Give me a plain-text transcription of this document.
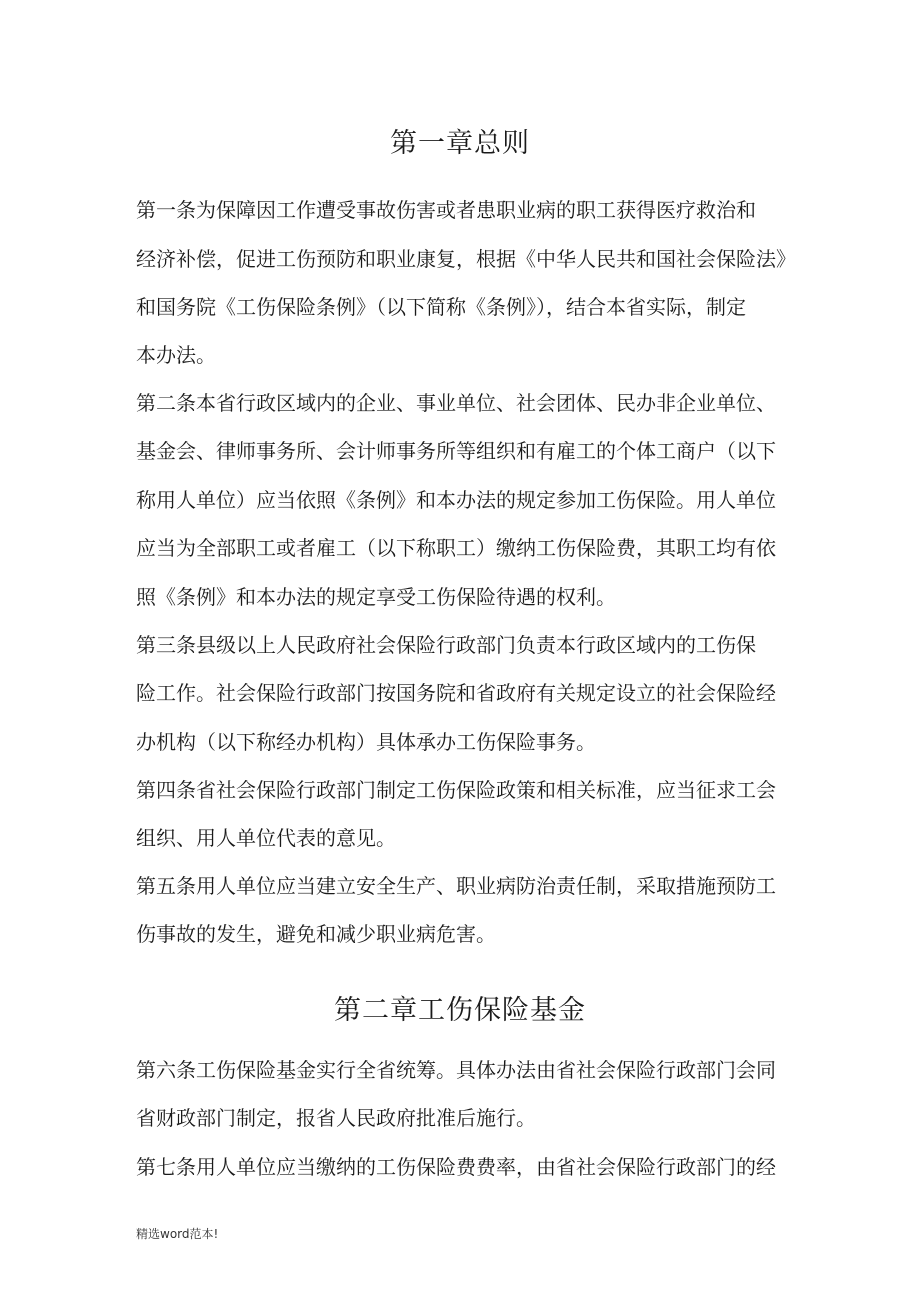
第一章总则

第一条为保障因工作遭受事故伤害或者患职业病的职工获得医疗救治和

经济补偿，促进工伤预防和职业康复，根据《中华人民共和国社会保险法》

和国务院《工伤保险条例》（以下简称《条例》），结合本省实际，制定

本办法。

第二条本省行政区域内的企业、事业单位、社会团体、民办非企业单位、

基金会、律师事务所、会计师事务所等组织和有雇工的个体工商户（以下

称用人单位）应当依照《条例》和本办法的规定参加工伤保险。用人单位

应当为全部职工或者雇工（以下称职工）缴纳工伤保险费，其职工均有依

照《条例》和本办法的规定享受工伤保险待遇的权利。

第三条县级以上人民政府社会保险行政部门负责本行政区域内的工伤保

险工作。社会保险行政部门按国务院和省政府有关规定设立的社会保险经

办机构（以下称经办机构）具体承办工伤保险事务。

第四条省社会保险行政部门制定工伤保险政策和相关标准，应当征求工会

组织、用人单位代表的意见。

第五条用人单位应当建立安全生产、职业病防治责任制，采取措施预防工

伤事故的发生，避免和减少职业病危害。

第二章工伤保险基金

第六条工伤保险基金实行全省统筹。具体办法由省社会保险行政部门会同

省财政部门制定，报省人民政府批准后施行。

第七条用人单位应当缴纳的工伤保险费费率，由省社会保险行政部门的经

精选word范本!
